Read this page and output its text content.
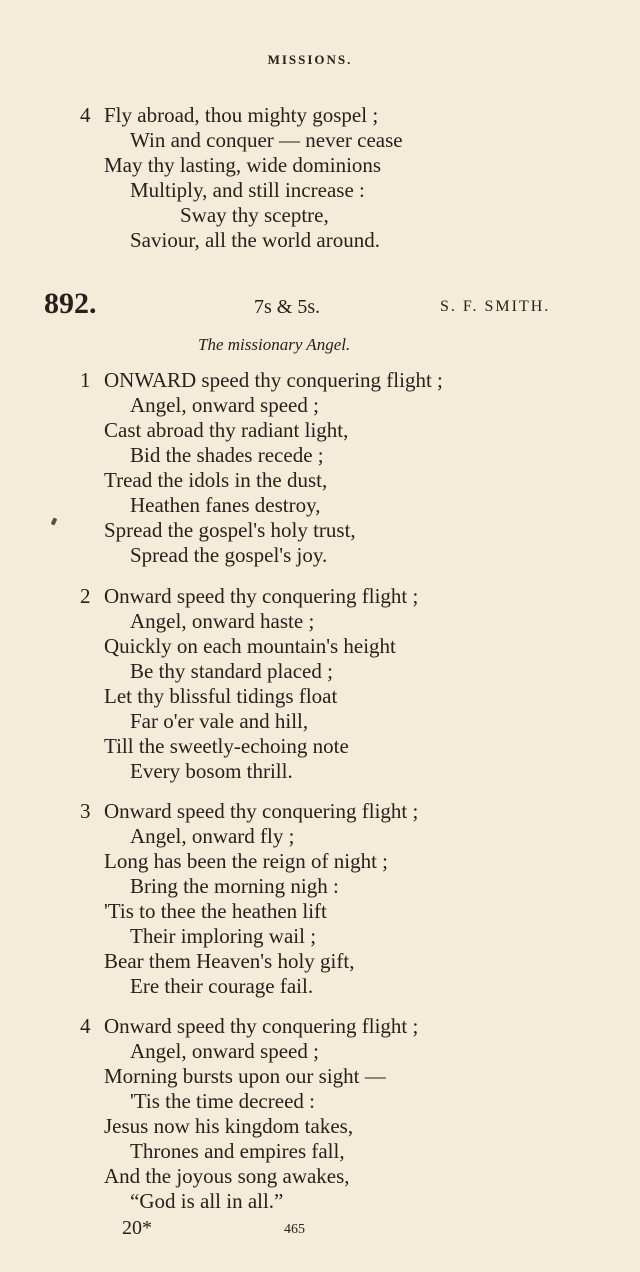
MISSIONS.
4 Fly abroad, thou mighty gospel ;
Win and conquer — never cease
May thy lasting, wide dominions
Multiply, and still increase :
Sway thy sceptre,
Saviour, all the world around.
892.	7s & 5s.	S. F. SMITH.
The missionary Angel.
1 ONWARD speed thy conquering flight ;
Angel, onward speed ;
Cast abroad thy radiant light,
Bid the shades recede ;
Tread the idols in the dust,
Heathen fanes destroy,
Spread the gospel's holy trust,
Spread the gospel's joy.
2 Onward speed thy conquering flight ;
Angel, onward haste ;
Quickly on each mountain's height
Be thy standard placed ;
Let thy blissful tidings float
Far o'er vale and hill,
Till the sweetly-echoing note
Every bosom thrill.
3 Onward speed thy conquering flight ;
Angel, onward fly ;
Long has been the reign of night ;
Bring the morning nigh :
'Tis to thee the heathen lift
Their imploring wail ;
Bear them Heaven's holy gift,
Ere their courage fail.
4 Onward speed thy conquering flight ;
Angel, onward speed ;
Morning bursts upon our sight —
'Tis the time decreed :
Jesus now his kingdom takes,
Thrones and empires fall,
And the joyous song awakes,
“God is all in all.”
20*	465
